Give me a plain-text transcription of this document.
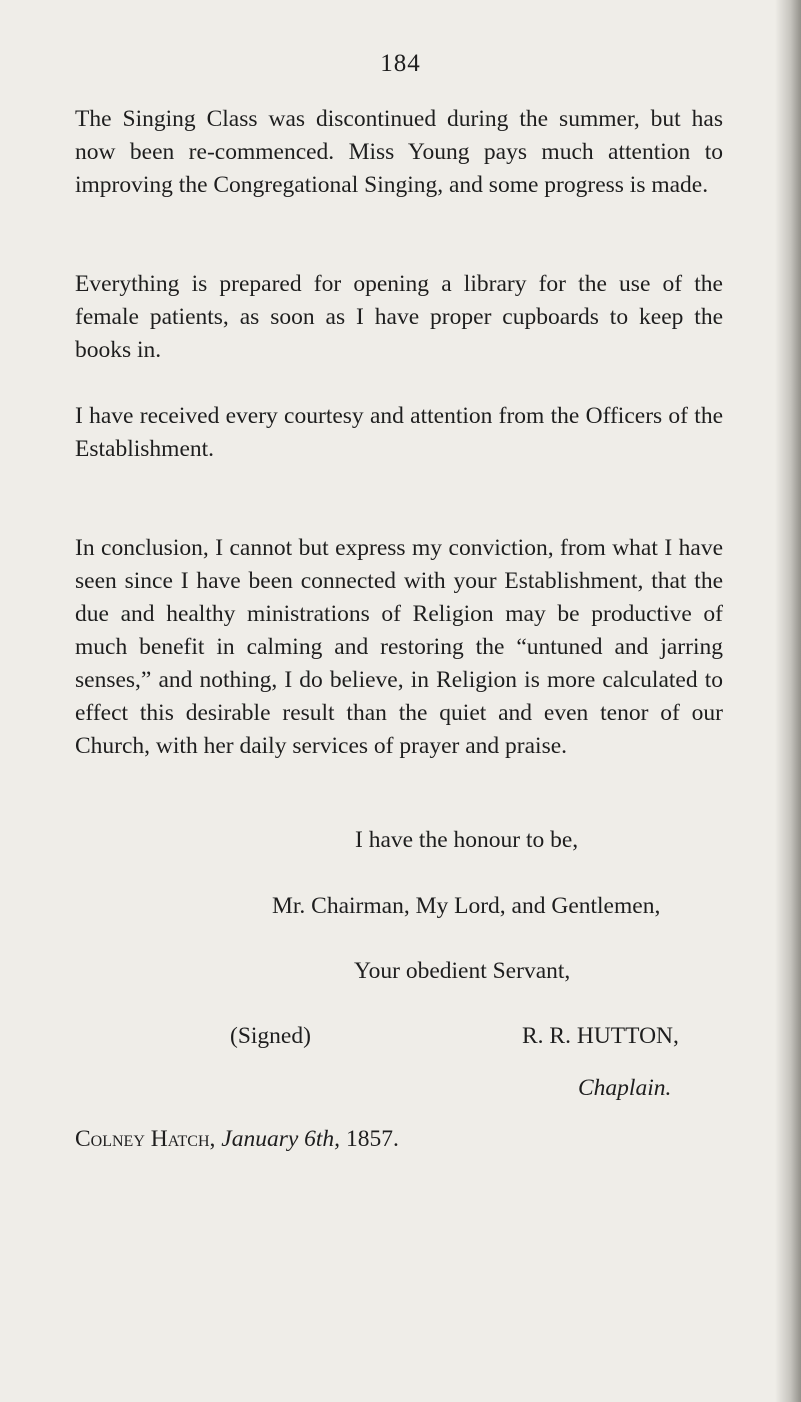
184

The Singing Class was discontinued during the summer, but has now been re-commenced. Miss Young pays much attention to improving the Congregational Singing, and some progress is made.

Everything is prepared for opening a library for the use of the female patients, as soon as I have proper cupboards to keep the books in.

I have received every courtesy and attention from the Officers of the Establishment.

In conclusion, I cannot but express my conviction, from what I have seen since I have been connected with your Establishment, that the due and healthy ministrations of Religion may be productive of much benefit in calming and restoring the “untuned and jarring senses,” and nothing, I do believe, in Religion is more calculated to effect this desirable result than the quiet and even tenor of our Church, with her daily services of prayer and praise.

I have the honour to be,
Mr. Chairman, My Lord, and Gentlemen,
Your obedient Servant,
(Signed)	R. R. HUTTON,
Chaplain.
Colney Hatch, January 6th, 1857.
